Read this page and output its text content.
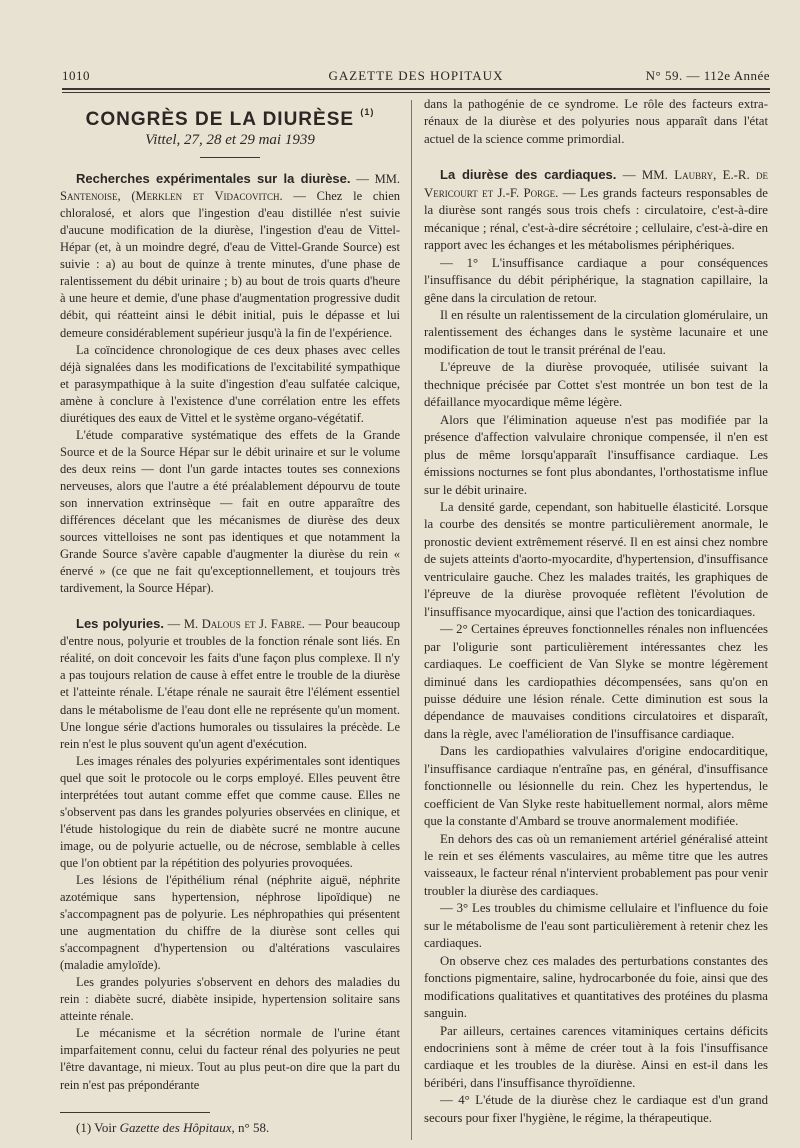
1010	GAZETTE DES HOPITAUX	N° 59. — 112e Année
CONGRÈS DE LA DIURÈSE $^{(1)}$
Vittel, 27, 28 et 29 mai 1939

Recherches expérimentales sur la diurèse. — MM. Santenoise, (Merklen et Vidacovitch. — Chez le chien chloralosé, et alors que l'ingestion d'eau distillée n'est suivie d'aucune modification de la diurèse, l'ingestion d'eau de Vittel-Hépar (et, à un moindre degré, d'eau de Vittel-Grande Source) est suivie : a) au bout de quinze à trente minutes, d'une phase de ralentissement du débit urinaire ; b) au bout de trois quarts d'heure à une heure et demie, d'une phase d'augmentation progressive dudit débit, qui réatteint ainsi le débit initial, puis le dépasse et lui demeure considérablement supérieur jusqu'à la fin de l'expérience.

La coïncidence chronologique de ces deux phases avec celles déjà signalées dans les modifications de l'excitabilité sympathique et parasympathique à la suite d'ingestion d'eau sulfatée calcique, amène à conclure à l'existence d'une corrélation entre les effets diurétiques des eaux de Vittel et le système organo-végétatif.

L'étude comparative systématique des effets de la Grande Source et de la Source Hépar sur le débit urinaire et sur le volume des deux reins — dont l'un garde intactes toutes ses connexions nerveuses, alors que l'autre a été préalablement dépourvu de toute son innervation extrinsèque — fait en outre apparaître des différences décelant que les mécanismes de diurèse des deux sources vittelloises ne sont pas identiques et que notamment la Grande Source s'avère capable d'augmenter la diurèse du rein « énervé » (ce que ne fait qu'exceptionnellement, et toujours très tardivement, la Source Hépar).

Les polyuries. — M. Dalous et J. Fabre. — Pour beaucoup d'entre nous, polyurie et troubles de la fonction rénale sont liés. En réalité, on doit concevoir les faits d'une façon plus complexe. Il n'y a pas toujours relation de cause à effet entre le trouble de la diurèse et l'atteinte rénale. L'étape rénale ne saurait être l'élément essentiel dans le métabolisme de l'eau dont elle ne représente qu'un moment. Une longue série d'actions humorales ou tissulaires la précède. Le rein n'est le plus souvent qu'un agent d'exécution.

Les images rénales des polyuries expérimentales sont identiques quel que soit le protocole ou le corps employé. Elles peuvent être interprétées tout autant comme effet que comme cause. Elles ne s'observent pas dans les grandes polyuries observées en clinique, et l'étude histologique du rein de diabète sucré ne montre aucune image, ou de polyurie actuelle, ou de nécrose, semblable à celles que l'on obtient par la répétition des polyuries provoquées.

Les lésions de l'épithélium rénal (néphrite aiguë, néphrite azotémique sans hypertension, néphrose lipoïdique) ne s'accompagnent pas de polyurie. Les néphropathies qui présentent une augmentation du chiffre de la diurèse sont celles qui s'accompagnent d'hypertension ou d'altérations vasculaires (maladie amyloïde).

Les grandes polyuries s'observent en dehors des maladies du rein : diabète sucré, diabète insipide, hypertension solitaire sans atteinte rénale.

Le mécanisme et la sécrétion normale de l'urine étant imparfaitement connu, celui du facteur rénal des polyuries ne peut l'être davantage, ni mieux. Tout au plus peut-on dire que la part du rein n'est pas prépondérante

(1) Voir Gazette des Hôpitaux, n° 58.

dans la pathogénie de ce syndrome. Le rôle des facteurs extra-rénaux de la diurèse et des polyuries nous apparaît dans l'état actuel de la science comme primordial.

La diurèse des cardiaques. — MM. Laubry, E.-R. de Vericourt et J.-F. Porge. — Les grands facteurs responsables de la diurèse sont rangés sous trois chefs : circulatoire, c'est-à-dire mécanique ; rénal, c'est-à-dire sécrétoire ; cellulaire, c'est-à-dire en rapport avec les échanges et les métabolismes périphériques.

— 1° L'insuffisance cardiaque a pour conséquences l'insuffisance du débit périphérique, la stagnation capillaire, la gêne dans la circulation de retour.

Il en résulte un ralentissement de la circulation glomérulaire, un ralentissement des échanges dans le système lacunaire et une modification de tout le transit prérénal de l'eau.

L'épreuve de la diurèse provoquée, utilisée suivant la thechnique précisée par Cottet s'est montrée un bon test de la défaillance myocardique même légère.

Alors que l'élimination aqueuse n'est pas modifiée par la présence d'affection valvulaire chronique compensée, il n'en est plus de même lorsqu'apparaît l'insuffisance cardiaque. Les émissions nocturnes se font plus abondantes, l'orthostatisme influe sur le débit urinaire.

La densité garde, cependant, son habituelle élasticité. Lorsque la courbe des densités se montre particulièrement anormale, le pronostic devient extrêmement réservé. Il en est ainsi chez nombre de sujets atteints d'aorto-myocardite, d'hypertension, d'insuffisance ventriculaire gauche. Chez les malades traités, les graphiques de l'épreuve de la diurèse provoquée reflètent l'évolution de l'insuffisance myocardique, ainsi que l'action des tonicardiaques.

— 2° Certaines épreuves fonctionnelles rénales non influencées par l'oligurie sont particulièrement intéressantes chez les cardiaques. Le coefficient de Van Slyke se montre légèrement diminué dans les cardiopathies décompensées, sans qu'on en puisse déduire une lésion rénale. Cette diminution est sous la dépendance de mauvaises conditions circulatoires et disparaît, dans la règle, avec l'amélioration de l'insuffisance cardiaque.

Dans les cardiopathies valvulaires d'origine endocarditique, l'insuffisance cardiaque n'entraîne pas, en général, d'insuffisance fonctionnelle ou lésionnelle du rein. Chez les hypertendus, le coefficient de Van Slyke reste habituellement normal, alors même que la constante d'Ambard se trouve anormalement modifiée.

En dehors des cas où un remaniement artériel généralisé atteint le rein et ses éléments vasculaires, au même titre que les autres vaisseaux, le facteur rénal n'intervient probablement pas pour venir troubler la diurèse des cardiaques.

— 3° Les troubles du chimisme cellulaire et l'influence du foie sur le métabolisme de l'eau sont particulièrement à retenir chez les cardiaques.

On observe chez ces malades des perturbations constantes des fonctions pigmentaire, saline, hydrocarbonée du foie, ainsi que des modifications qualitatives et quantitatives des protéines du plasma sanguin.

Par ailleurs, certaines carences vitaminiques certains déficits endocriniens sont à même de créer tout à la fois l'insuffisance cardiaque et les troubles de la diurèse. Ainsi en est-il dans les béribéri, dans l'insuffisance thyroïdienne.

— 4° L'étude de la diurèse chez le cardiaque est d'un grand secours pour fixer l'hygiène, le régime, la thérapeutique.
